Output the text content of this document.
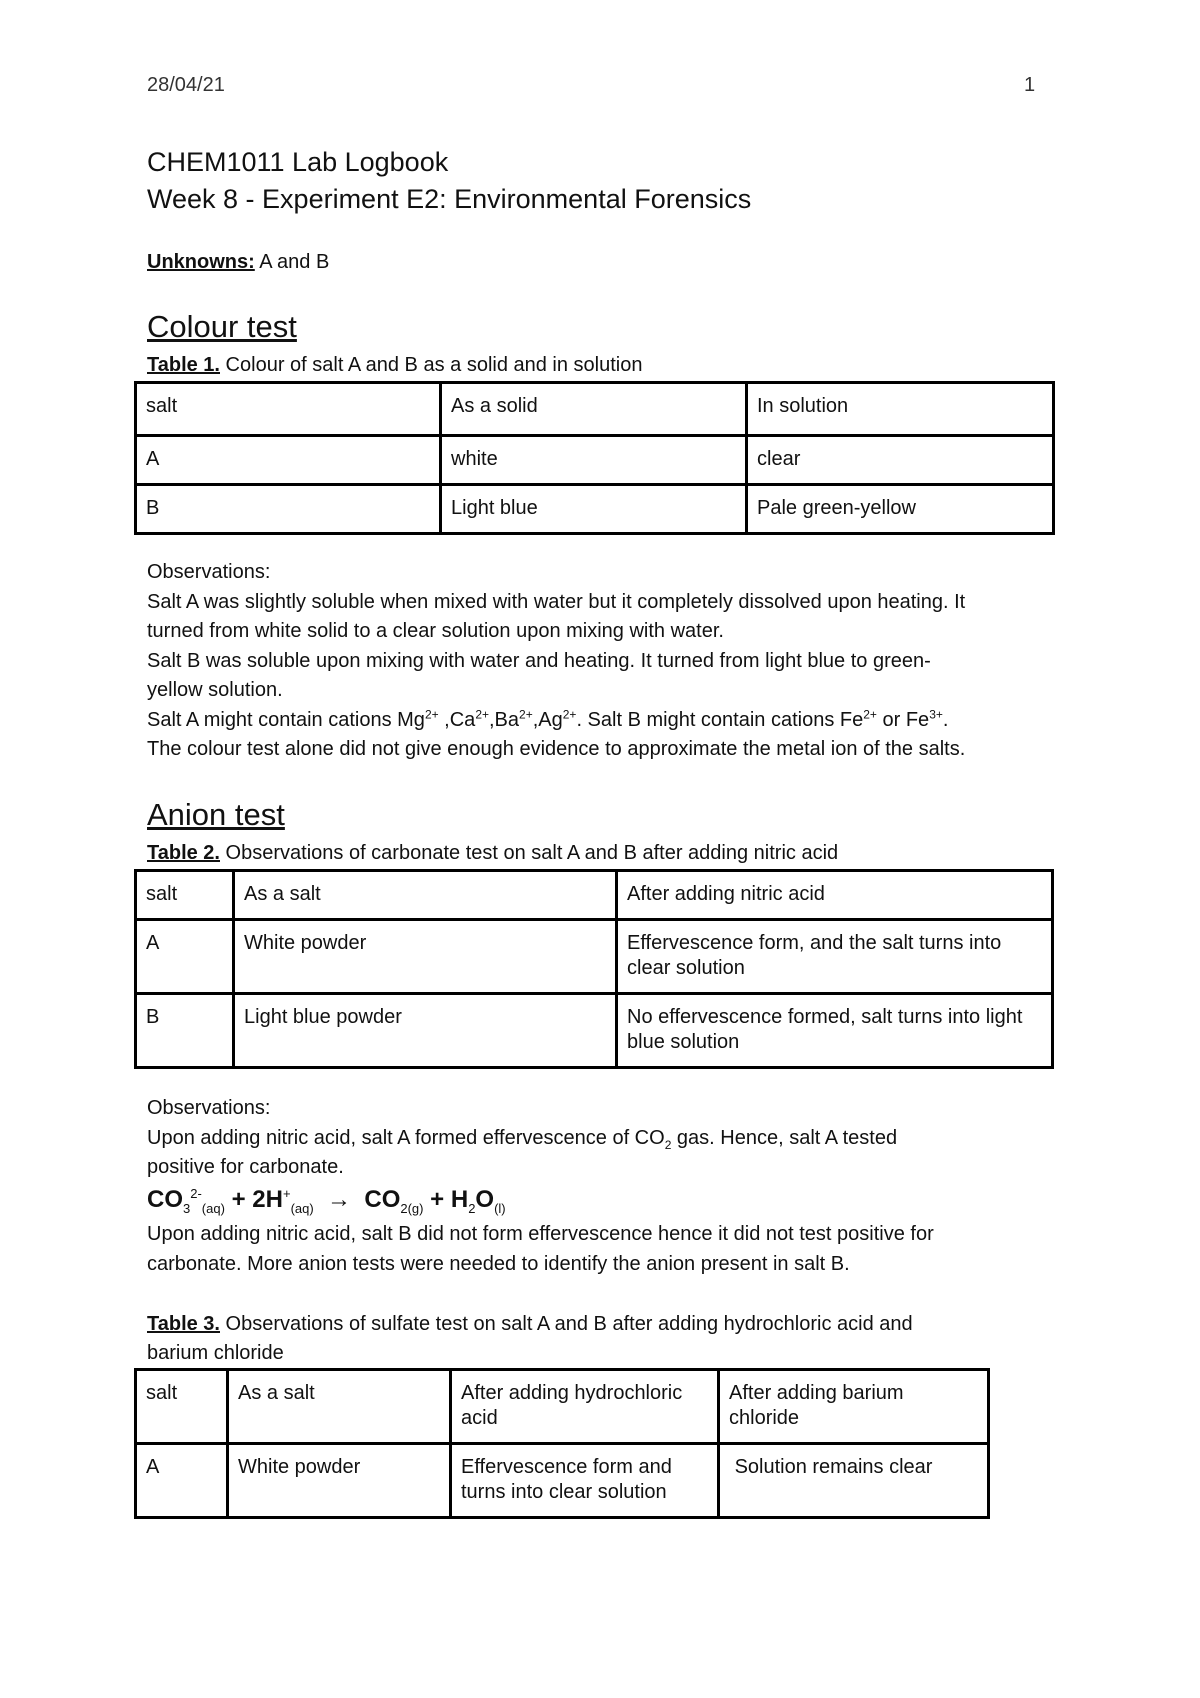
28/04/21	1
CHEM1011 Lab Logbook
Week 8 - Experiment E2: Environmental Forensics
Unknowns: A and B
Colour test
Table 1. Colour of salt A and B as a solid and in solution
salt	As a solid	In solution
A	white	clear
B	Light blue	Pale green-yellow
Observations:
Salt A was slightly soluble when mixed with water but it completely dissolved upon heating. It
turned from white solid to a clear solution upon mixing with water.
Salt B was soluble upon mixing with water and heating. It turned from light blue to green-
yellow solution.
Salt A might contain cations $Mg^{2+}$ $,Ca^{2+},Ba^{2+},Ag^{2+}$. Salt B might contain cations $Fe^{2+}$ or $Fe^{3+}$.
The colour test alone did not give enough evidence to approximate the metal ion of the salts.
Anion test
Table 2. Observations of carbonate test on salt A and B after adding nitric acid
salt	As a salt	After adding nitric acid
A	White powder	Effervescence form, and the salt turns into clear solution
B	Light blue powder	No effervescence formed, salt turns into light blue solution
Observations:
Upon adding nitric acid, salt A formed effervescence of $CO_2$ gas. Hence, salt A tested
positive for carbonate.
$CO_3^{2-}_{(aq)} + 2H^+_{(aq)} \to CO_{2(g)} + H_2O_{(l)}$
Upon adding nitric acid, salt B did not form effervescence hence it did not test positive for
carbonate. More anion tests were needed to identify the anion present in salt B.
Table 3. Observations of sulfate test on salt A and B after adding hydrochloric acid and
barium chloride
salt	As a salt	After adding hydrochloric acid	After adding barium chloride
A	White powder	Effervescence form and turns into clear solution	Solution remains clear
